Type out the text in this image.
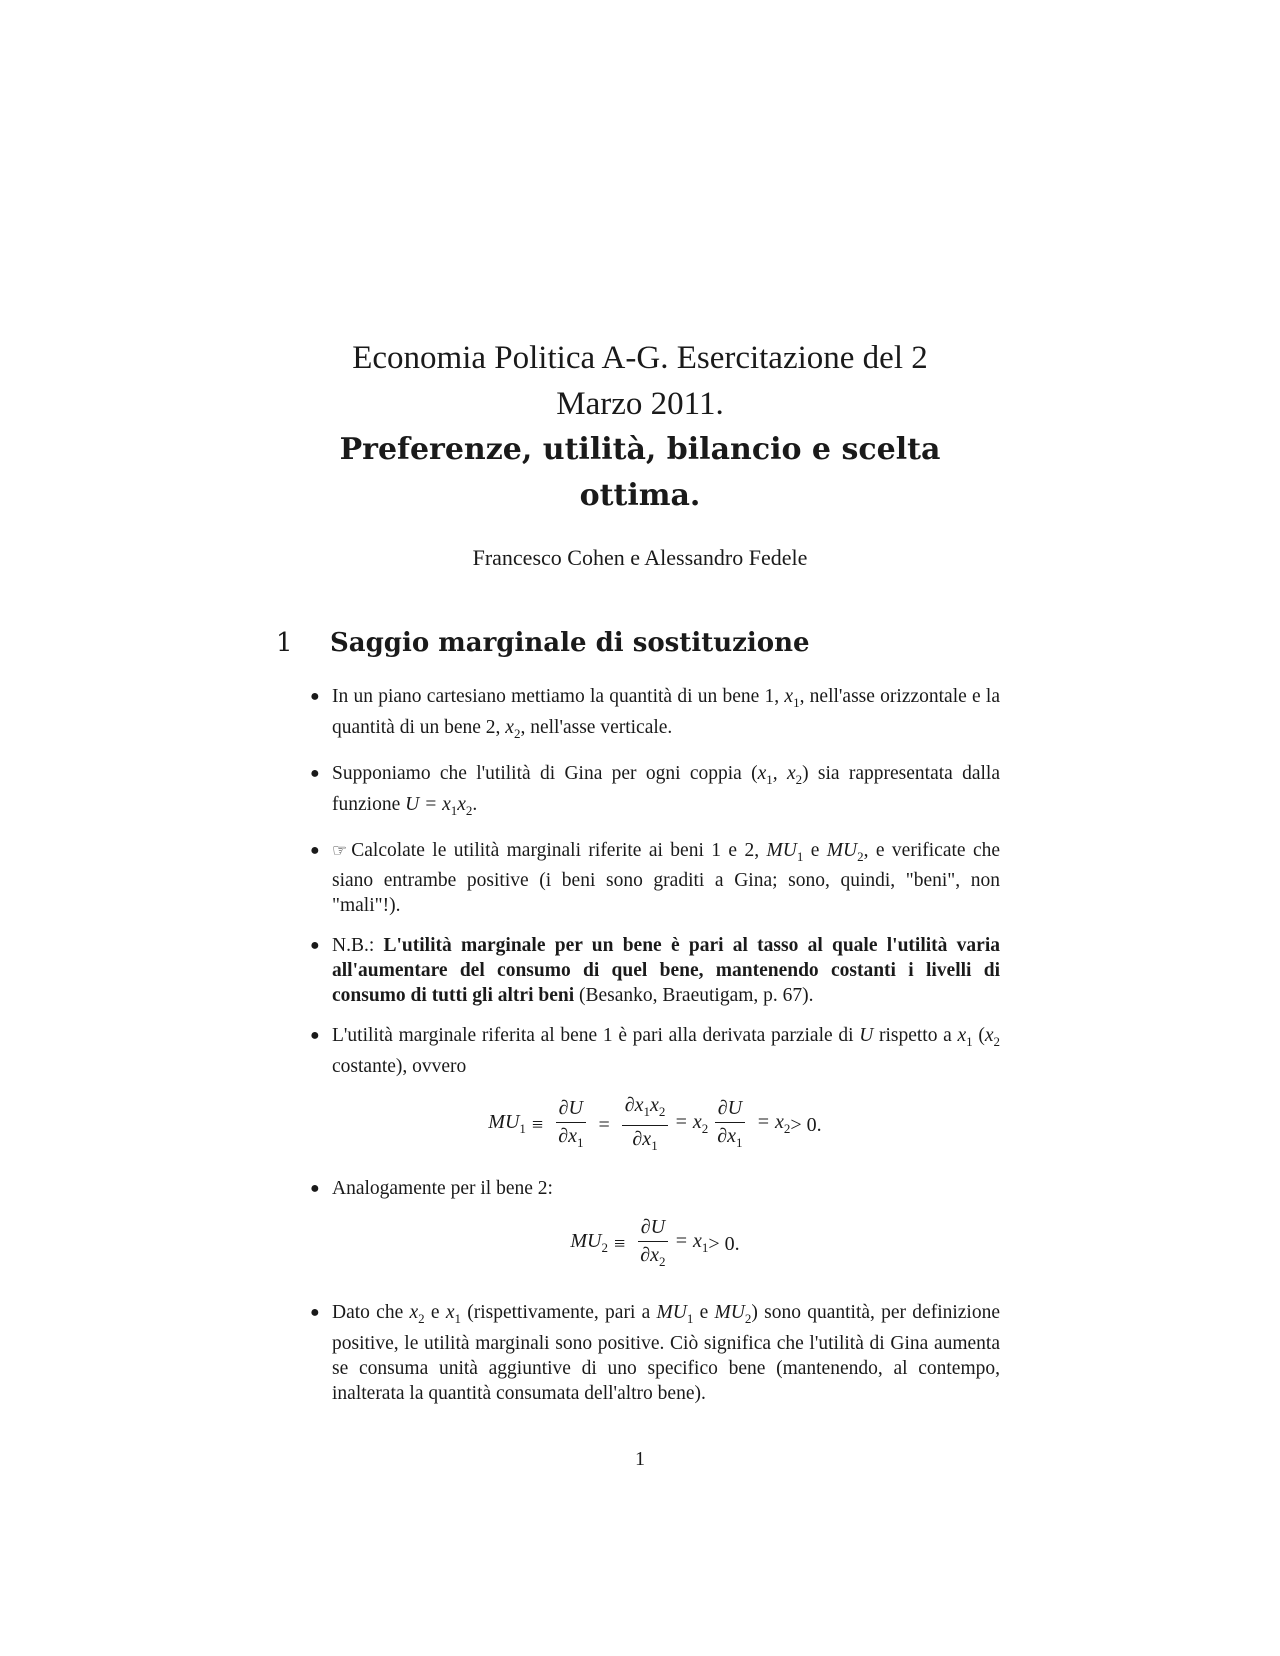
Economia Politica A-G. Esercitazione del 2
Marzo 2011.
Preferenze, utilità, bilancio e scelta
ottima.
Francesco Cohen e Alessandro Fedele
1	Saggio marginale di sostituzione
● In un piano cartesiano mettiamo la quantità di un bene 1, $x_1$, nell'asse orizzontale e la quantità di un bene 2, $x_2$, nell'asse verticale.
● Supponiamo che l'utilità di Gina per ogni coppia ($x_1$, $x_2$) sia rappresentata dalla funzione $U = x_1x_2$.
● ☞ Calcolate le utilità marginali riferite ai beni 1 e 2, $MU_1$ e $MU_2$, e verificate che siano entrambe positive (i beni sono graditi a Gina; sono, quindi, "beni", non "mali"!).
● N.B.: L'utilità marginale per un bene è pari al tasso al quale l'utilità varia all'aumentare del consumo di quel bene, mantenendo costanti i livelli di consumo di tutti gli altri beni (Besanko, Braeutigam, p. 67).
● L'utilità marginale riferita al bene 1 è pari alla derivata parziale di U rispetto a $x_1$ ($x_2$ costante), ovvero
$MU_1 \equiv \frac{\partial U}{\partial x_1} = \frac{\partial x_1x_2}{\partial x_1} = x_2 \frac{\partial U}{\partial x_1} = x_2 > 0$.
● Analogamente per il bene 2:
$MU_2 \equiv \frac{\partial U}{\partial x_2} = x_1 > 0$.
● Dato che $x_2$ e $x_1$ (rispettivamente, pari a $MU_1$ e $MU_2$) sono quantità, per definizione positive, le utilità marginali sono positive. Ciò significa che l'utilità di Gina aumenta se consuma unità aggiuntive di uno specifico bene (mantenendo, al contempo, inalterata la quantità consumata dell'altro bene).
1
